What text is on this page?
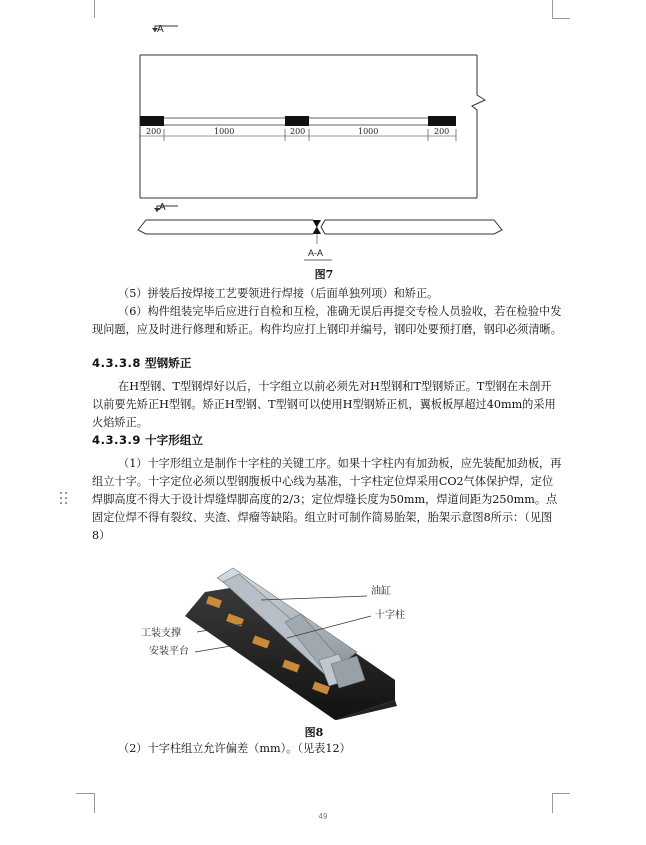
A
200	1000	200	1000	200
A
A-A
图7

（5）拼装后按焊接工艺要领进行焊接（后面单独列项）和矫正。

（6）构件组装完毕后应进行自检和互检，准确无误后再提交专检人员验收，若在检验中发现问题，应及时进行修理和矫正。构件均应打上钢印并编号，钢印处要预打磨，钢印必须清晰。

4.3.3.8 型钢矫正

在H型钢、T型钢焊好以后，十字组立以前必须先对H型钢和T型钢矫正。T型钢在未剖开以前要先矫正H型钢。矫正H型钢、T型钢可以使用H型钢矫正机，翼板板厚超过40mm的采用火焰矫正。

4.3.3.9 十字形组立

（1）十字形组立是制作十字柱的关键工序。如果十字柱内有加劲板，应先装配加劲板，再组立十字。十字定位必须以型钢腹板中心线为基准，十字柱定位焊采用CO2气体保护焊，定位焊脚高度不得大于设计焊缝焊脚高度的2/3；定位焊缝长度为50mm，焊道间距为250mm。点固定位焊不得有裂纹、夹渣、焊瘤等缺陷。组立时可制作简易胎架，胎架示意图8所示：（见图8）

油缸
十字柱
工装支撑
安装平台
图8

（2）十字柱组立允许偏差（mm）。（见表12）

49
